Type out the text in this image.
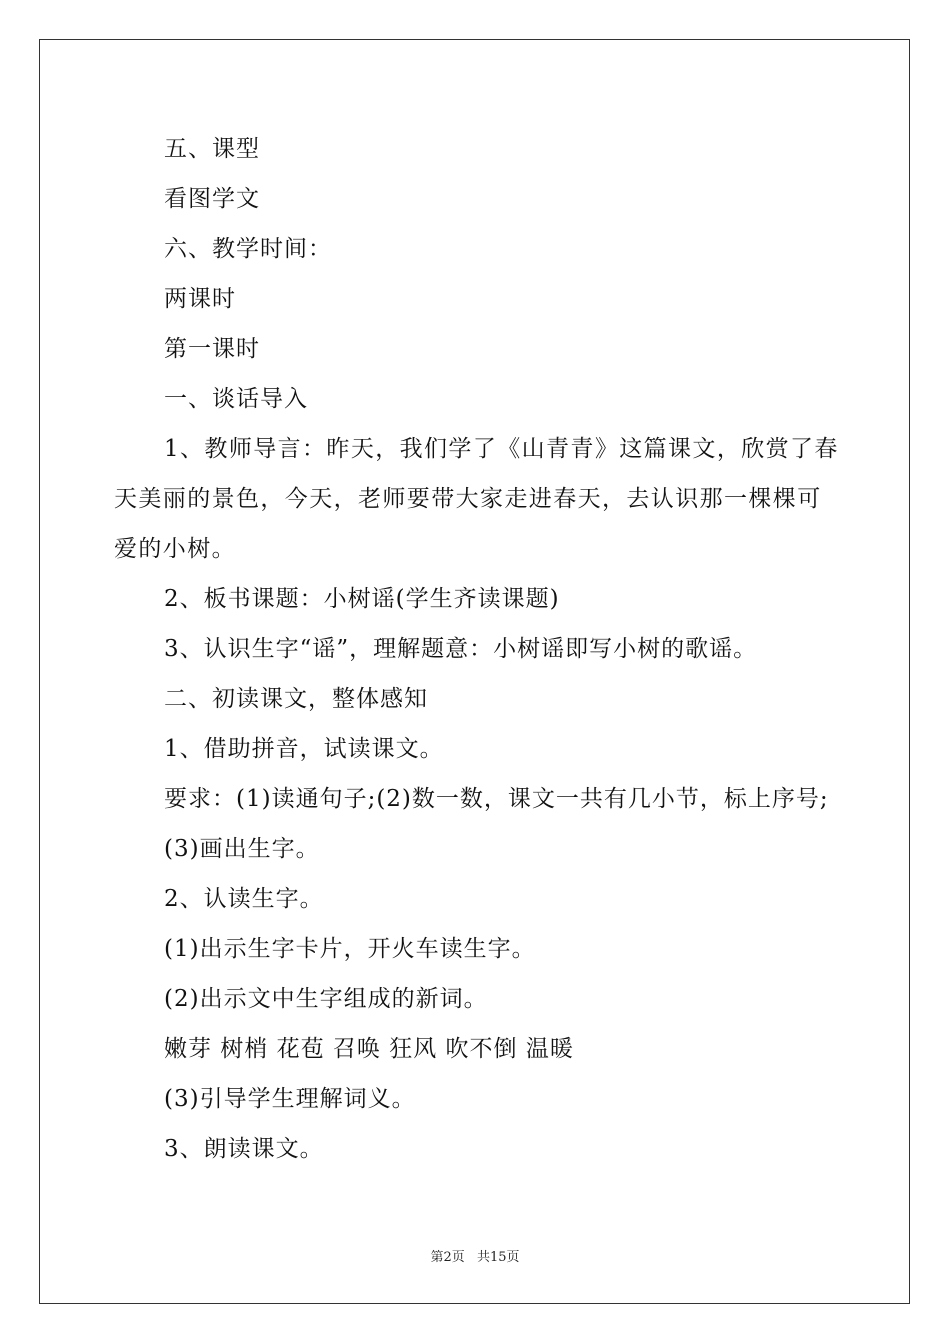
五、课型
看图学文
六、教学时间：
两课时
第一课时
一、谈话导入

1、教师导言：昨天，我们学了《山青青》这篇课文，欣赏了春天美丽的景色，今天，老师要带大家走进春天，去认识那一棵棵可爱的小树。

2、板书课题：小树谣(学生齐读课题)
3、认识生字“谣”，理解题意：小树谣即写小树的歌谣。
二、初读课文，整体感知
1、借助拼音，试读课文。
要求：(1)读通句子;(2)数一数，课文一共有几小节，标上序号;
(3)画出生字。
2、认读生字。
(1)出示生字卡片，开火车读生字。
(2)出示文中生字组成的新词。
嫩芽 树梢 花苞 召唤 狂风 吹不倒 温暖
(3)引导学生理解词义。
3、朗读课文。
第2页 共15页
